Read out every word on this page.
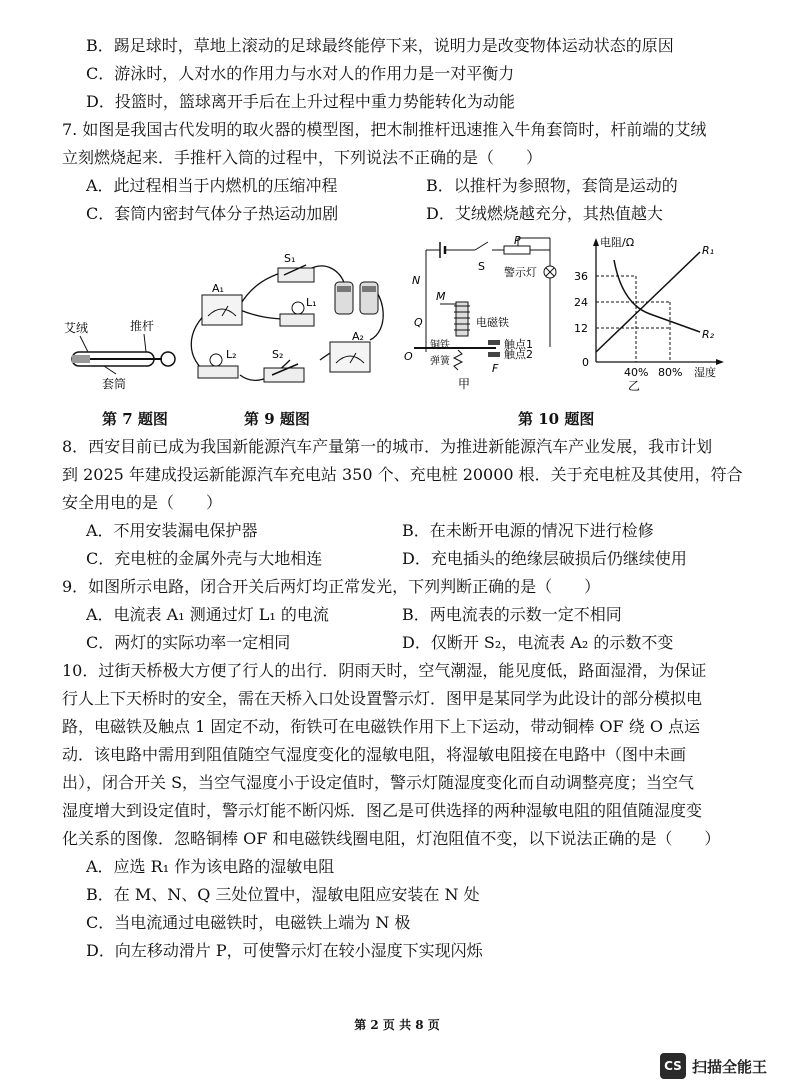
B．踢足球时，草地上滚动的足球最终能停下来，说明力是改变物体运动状态的原因
C．游泳时，人对水的作用力与水对人的作用力是一对平衡力
D．投篮时，篮球离开手后在上升过程中重力势能转化为动能
7. 如图是我国古代发明的取火器的模型图，把木制推杆迅速推入牛角套筒时，杆前端的艾绒
立刻燃烧起来．手推杆入筒的过程中，下列说法不正确的是（　　）
A．此过程相当于内燃机的压缩冲程	B．以推杆为参照物，套筒是运动的
C．套筒内密封气体分子热运动加剧	D．艾绒燃烧越充分，其热值越大
艾绒	推杆
套筒
第 7 题图
S₁
A₁
L₁
A₂
L₂	S₂
第 9 题图
S
P
警示灯
N
M
Q	电磁铁
触点1
触点2
O
F
铜铁
弹簧
甲
电阻/Ω
36
24
12
0
R₁
R₂
40% 80% 湿度
乙
第 10 题图
8．西安目前已成为我国新能源汽车产量第一的城市．为推进新能源汽车产业发展，我市计划
到 2025 年建成投运新能源汽车充电站 350 个、充电桩 20000 根．关于充电桩及其使用，符合
安全用电的是（　　）
A．不用安装漏电保护器	B．在未断开电源的情况下进行检修
C．充电桩的金属外壳与大地相连	D．充电插头的绝缘层破损后仍继续使用
9．如图所示电路，闭合开关后两灯均正常发光，下列判断正确的是（　　）
A．电流表 A₁ 测通过灯 L₁ 的电流	B．两电流表的示数一定不相同
C．两灯的实际功率一定相同	D．仅断开 S₂，电流表 A₂ 的示数不变
10．过街天桥极大方便了行人的出行．阴雨天时，空气潮湿，能见度低，路面湿滑，为保证
行人上下天桥时的安全，需在天桥入口处设置警示灯．图甲是某同学为此设计的部分模拟电
路，电磁铁及触点 1 固定不动，衔铁可在电磁铁作用下上下运动，带动铜棒 OF 绕 O 点运
动．该电路中需用到阻值随空气湿度变化的湿敏电阻，将湿敏电阻接在电路中（图中未画
出），闭合开关 S，当空气湿度小于设定值时，警示灯随湿度变化而自动调整亮度；当空气
湿度增大到设定值时，警示灯能不断闪烁．图乙是可供选择的两种湿敏电阻的阻值随湿度变
化关系的图像．忽略铜棒 OF 和电磁铁线圈电阻，灯泡阻值不变，以下说法正确的是（　　）
A．应选 R₁ 作为该电路的湿敏电阻
B．在 M、N、Q 三处位置中，湿敏电阻应安装在 N 处
C．当电流通过电磁铁时，电磁铁上端为 N 极
D．向左移动滑片 P，可使警示灯在较小湿度下实现闪烁
第 2 页 共 8 页
CS 扫描全能王
